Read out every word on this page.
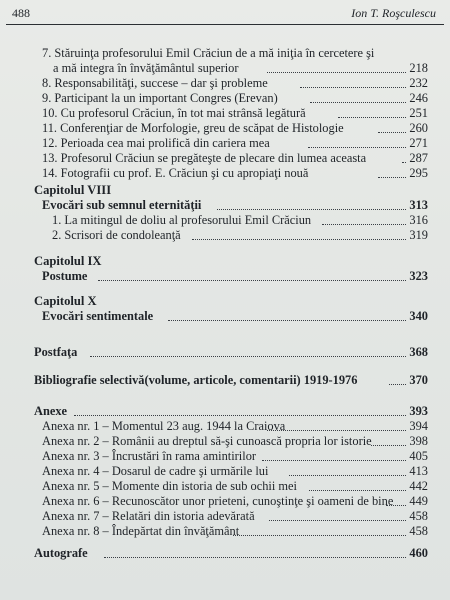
488	Ion T. Roşculescu
7. Stăruinţa profesorului Emil Crăciun de a mă iniţia în cercetere şi
a mă integra în învăţământul superior	218
8. Responsabilităţi, succese – dar şi probleme	232
9. Participant la un important Congres (Erevan)	246
10. Cu profesorul Crăciun, în tot mai strânsă legătură	251
11. Conferenţiar de Morfologie, greu de scăpat de Histologie	260
12. Perioada cea mai prolifică din cariera mea	271
13. Profesorul Crăciun se pregăteşte de plecare din lumea aceasta	287
14. Fotografii cu prof. E. Crăciun şi cu apropiaţi nouă	295
Capitolul VIII
Evocări sub semnul eternităţii	313
1. La mitingul de doliu al profesorului Emil Crăciun	316
2. Scrisori de condoleanţă	319
Capitolul IX
Postume	323
Capitolul X
Evocări sentimentale	340
Postfaţa	368
Bibliografie selectivă(volume, articole, comentarii) 1919-1976	370
Anexe	393
Anexa nr. 1 – Momentul 23 aug. 1944 la Craiova	394
Anexa nr. 2 – Românii au dreptul să-şi cunoască propria lor istorie	398
Anexa nr. 3 – Încrustări în rama amintirilor	405
Anexa nr. 4 – Dosarul de cadre şi urmările lui	413
Anexa nr. 5 – Momente din istoria de sub ochii mei	442
Anexa nr. 6 – Recunoscător unor prieteni, cunoştinţe şi oameni de bine 449
Anexa nr. 7 – Relatări din istoria adevărată	458
Anexa nr. 8 – Îndepărtat din învăţământ	458
Autografe	460
